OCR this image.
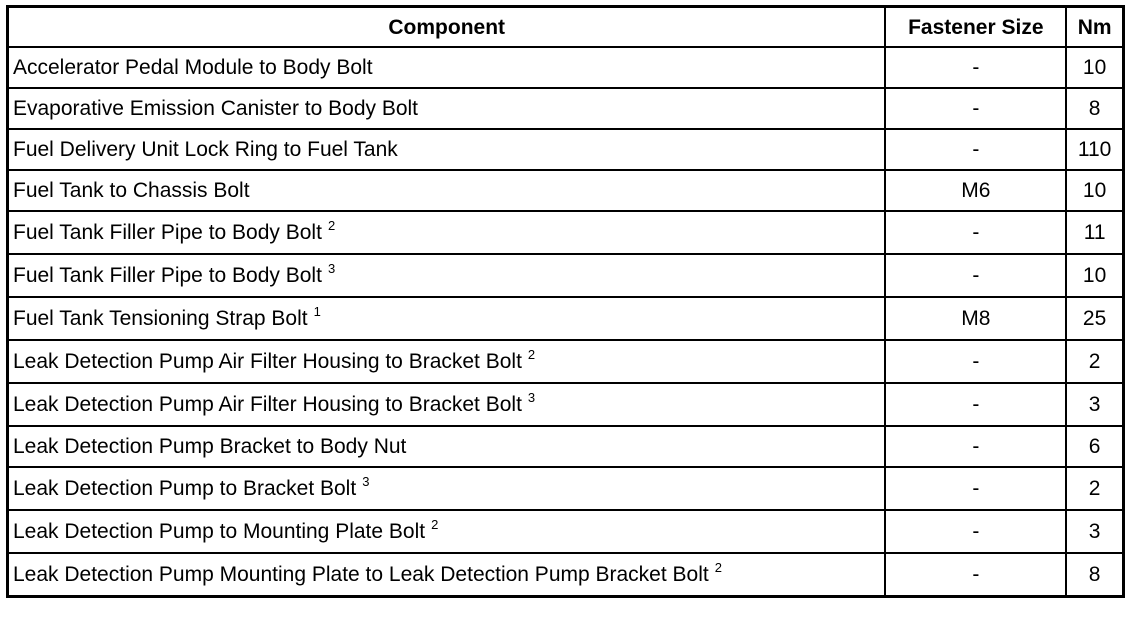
Component	Fastener Size	Nm
Accelerator Pedal Module to Body Bolt	-	10
Evaporative Emission Canister to Body Bolt	-	8
Fuel Delivery Unit Lock Ring to Fuel Tank	-	110
Fuel Tank to Chassis Bolt	M6	10
Fuel Tank Filler Pipe to Body Bolt $^2$	-	11
Fuel Tank Filler Pipe to Body Bolt $^3$	-	10
Fuel Tank Tensioning Strap Bolt $^1$	M8	25
Leak Detection Pump Air Filter Housing to Bracket Bolt $^2$	-	2
Leak Detection Pump Air Filter Housing to Bracket Bolt $^3$	-	3
Leak Detection Pump Bracket to Body Nut	-	6
Leak Detection Pump to Bracket Bolt $^3$	-	2
Leak Detection Pump to Mounting Plate Bolt $^2$	-	3
Leak Detection Pump Mounting Plate to Leak Detection Pump Bracket Bolt $^2$	-	8
